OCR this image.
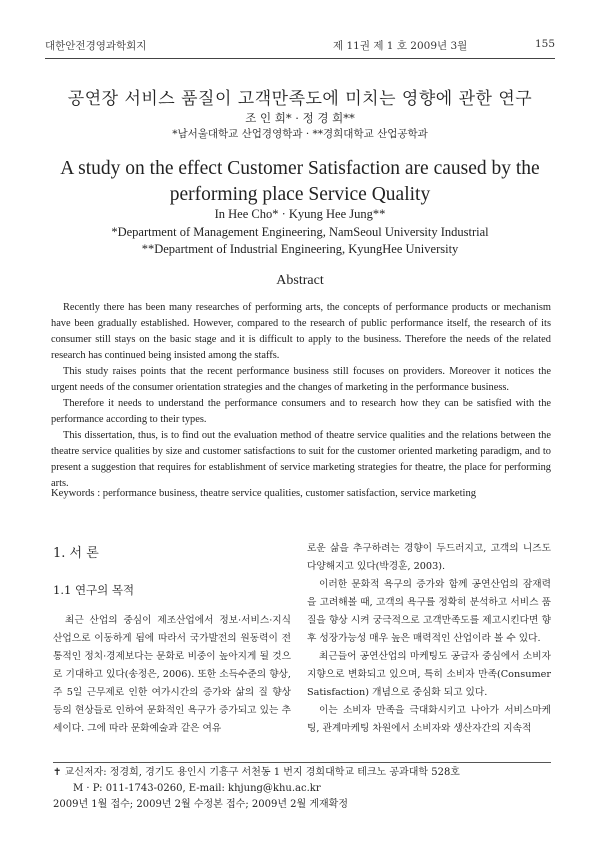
대한안전경영과학회지	제 11권 제 1 호 2009년 3월	155
공연장 서비스 품질이 고객만족도에 미치는 영향에 관한 연구
조 인 희* · 정 경 희**
*남서울대학교 산업경영학과 · **경희대학교 산업공학과
A study on the effect Customer Satisfaction are caused by the performing place Service Quality
In Hee Cho* · Kyung Hee Jung**
*Department of Management Engineering, NamSeoul University Industrial
**Department of Industrial Engineering, KyungHee University
Abstract

Recently there has been many researches of performing arts, the concepts of performance products or mechanism have been gradually established. However, compared to the research of public performance itself, the research of its consumer still stays on the basic stage and it is difficult to apply to the business. Therefore the needs of the related research has continued being insisted among the staffs.

This study raises points that the recent performance business still focuses on providers. Moreover it notices the urgent needs of the consumer orientation strategies and the changes of marketing in the performance business.

Therefore it needs to understand the performance consumers and to research how they can be satisfied with the performance according to their types.

This dissertation, thus, is to find out the evaluation method of theatre service qualities and the relations between the theatre service qualities by size and customer satisfactions to suit for the customer oriented marketing paradigm, and to present a suggestion that requires for establishment of service marketing strategies for theatre, the place for performing arts.

Keywords : performance business, theatre service qualities, customer satisfaction, service marketing
1. 서 론
1.1 연구의 목적

최근 산업의 중심이 제조산업에서 정보·서비스·지식 산업으로 이동하게 됨에 따라서 국가발전의 원동력이 전통적인 정치·경제보다는 문화로 비중이 높아지게 될 것으로 기대하고 있다(송정은, 2006). 또한 소득수준의 향상, 주 5일 근무제로 인한 여가시간의 증가와 삶의 질 향상 등의 현상들로 인하여 문화적인 욕구가 증가되고 있는 추세이다. 그에 따라 문화예술과 같은 여유

로운 삶을 추구하려는 경향이 두드러지고, 고객의 니즈도 다양해지고 있다(박경훈, 2003).

이러한 문화적 욕구의 증가와 함께 공연산업의 잠재력을 고려해볼 때, 고객의 욕구를 정확히 분석하고 서비스 품질을 향상 시켜 궁극적으로 고객만족도를 제고시킨다면 향후 성장가능성 매우 높은 매력적인 산업이라 볼 수 있다.

최근들어 공연산업의 마케팅도 공급자 중심에서 소비자 지향으로 변화되고 있으며, 특히 소비자 만족(Consumer Satisfaction) 개념으로 중심화 되고 있다.

이는 소비자 만족을 극대화시키고 나아가 서비스마케팅, 관계마케팅 차원에서 소비자와 생산자간의 지속적

✝ 교신저자: 정경희, 경기도 용인시 기흥구 서천동 1 번지 경희대학교 테크노 공과대학 528호
M · P: 011-1743-0260, E-mail: khjung@khu.ac.kr
2009년 1월 접수; 2009년 2월 수정본 접수; 2009년 2월 게재확정
